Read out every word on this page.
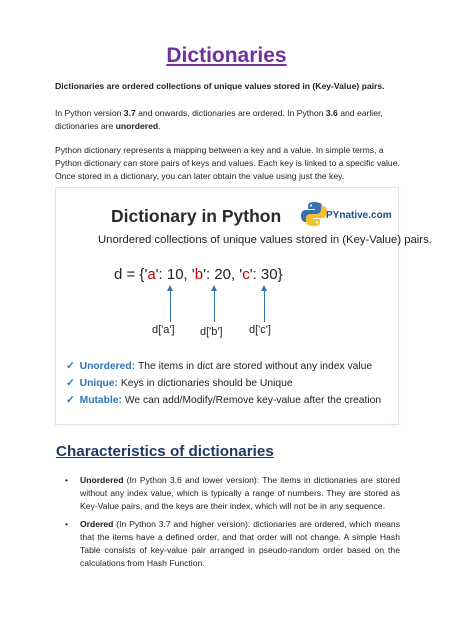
Dictionaries

Dictionaries are ordered collections of unique values stored in (Key-Value) pairs.

In Python version 3.7 and onwards, dictionaries are ordered. In Python 3.6 and earlier, dictionaries are unordered.

Python dictionary represents a mapping between a key and a value. In simple terms, a Python dictionary can store pairs of keys and values. Each key is linked to a specific value. Once stored in a dictionary, you can later obtain the value using just the key.

Dictionary in Python	PYnative.com
Unordered collections of unique values stored in (Key-Value) pairs.
d = {'a': 10, 'b': 20, 'c': 30}
d['a'] d['b'] d['c']
✓ Unordered: The items in dict are stored without any index value
✓ Unique: Keys in dictionaries should be Unique
✓ Mutable: We can add/Modify/Remove key-value after the creation
Characteristics of dictionaries
• Unordered (In Python 3.6 and lower version): The items in dictionaries are stored without any index value, which is typically a range of numbers. They are stored as Key-Value pairs, and the keys are their index, which will not be in any sequence.
• Ordered (In Python 3.7 and higher version): dictionaries are ordered, which means that the items have a defined order, and that order will not change. A simple Hash Table consists of key-value pair arranged in pseudo-random order based on the calculations from Hash Function.
